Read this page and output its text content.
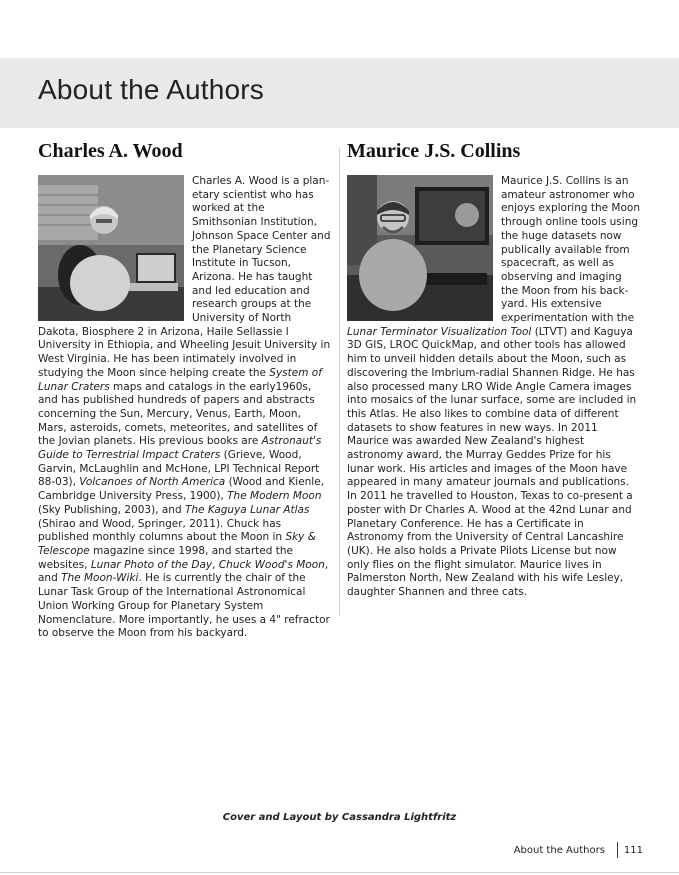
About the Authors
Charles A. Wood
Charles A. Wood is a planetary scientist who has worked at the Smithsonian Institution, Johnson Space Center and the Planetary Science Institute in Tucson, Arizona. He has taught and led education and research groups at the University of North Dakota, Biosphere 2 in Arizona, Haile Sellassie I University in Ethiopia, and Wheeling Jesuit University in West Virginia. He has been intimately involved in studying the Moon since helping create the System of Lunar Craters maps and catalogs in the early1960s, and has published hundreds of papers and abstracts concerning the Sun, Mercury, Venus, Earth, Moon, Mars, asteroids, comets, meteorites, and satellites of the Jovian planets. His previous books are Astronaut's Guide to Terrestrial Impact Craters (Grieve, Wood, Garvin, McLaughlin and McHone, LPI Technical Report 88-03), Volcanoes of North America (Wood and Kienle, Cambridge University Press, 1900), The Modern Moon (Sky Publishing, 2003), and The Kaguya Lunar Atlas (Shirao and Wood, Springer, 2011). Chuck has published monthly columns about the Moon in Sky & Telescope magazine since 1998, and started the websites, Lunar Photo of the Day, Chuck Wood's Moon, and The Moon-Wiki. He is currently the chair of the Lunar Task Group of the International Astronomical Union Working Group for Planetary System Nomenclature. More importantly, he uses a 4" refractor to observe the Moon from his backyard.
Maurice J.S. Collins
Maurice J.S. Collins is an amateur astronomer who enjoys exploring the Moon through online tools using the huge datasets now publically available from spacecraft, as well as observing and imaging the Moon from his backyard. His extensive experimentation with the Lunar Terminator Visualization Tool (LTVT) and Kaguya 3D GIS, LROC QuickMap, and other tools has allowed him to unveil hidden details about the Moon, such as discovering the Imbrium-radial Shannen Ridge. He has also processed many LRO Wide Angle Camera images into mosaics of the lunar surface, some are included in this Atlas. He also likes to combine data of different datasets to show features in new ways. In 2011 Maurice was awarded New Zealand's highest astronomy award, the Murray Geddes Prize for his lunar work. His articles and images of the Moon have appeared in many amateur journals and publications. In 2011 he travelled to Houston, Texas to co-present a poster with Dr Charles A. Wood at the 42nd Lunar and Planetary Conference. He has a Certificate in Astronomy from the University of Central Lancashire (UK). He also holds a Private Pilots License but now only flies on the flight simulator. Maurice lives in Palmerston North, New Zealand with his wife Lesley, daughter Shannen and three cats.
Cover and Layout by Cassandra Lightfritz
About the Authors 111
